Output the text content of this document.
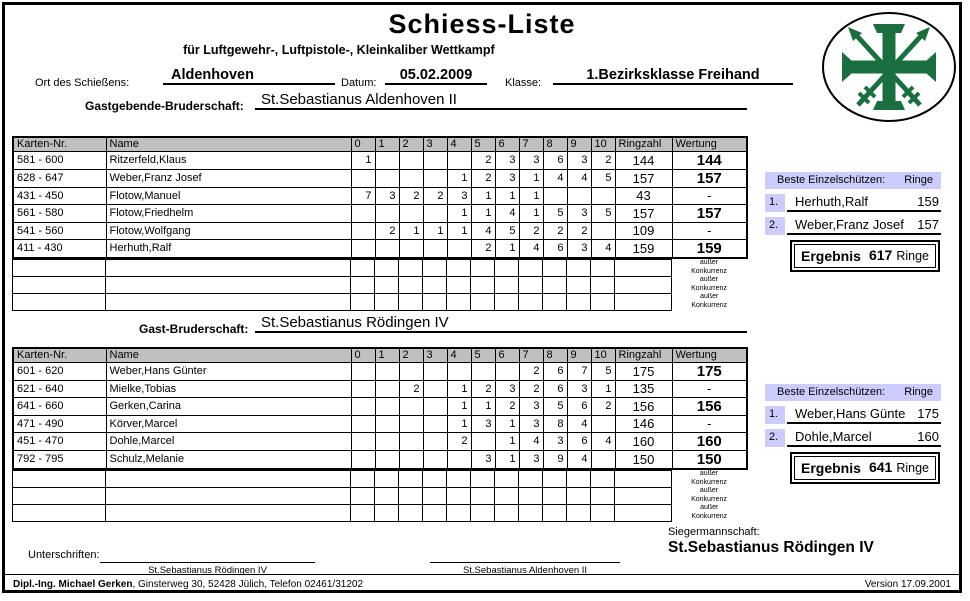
Schiess-Liste
für Luftgewehr-, Luftpistole-, Kleinkaliber Wettkampf
Ort des Schießens:	Aldenhoven	Datum:	05.02.2009	Klasse:	1.Bezirksklasse Freihand
Gastgebende-Bruderschaft:	St.Sebastianus Aldenhoven II
Karten-Nr.	Name	0	1	2	3	4	5	6	7	8	9	10	Ringzahl	Wertung
581 - 600	Ritzerfeld,Klaus	1					2	3	3	6	3	2	144	144
628 - 647	Weber,Franz Josef					1	2	3	1	4	4	5	157	157
431 - 450	Flotow,Manuel	7	3	2	2	3	1	1	1				43	-
561 - 580	Flotow,Friedhelm					1	1	4	1	5	3	5	157	157
541 - 560	Flotow,Wolfgang		2	1	1	1	4	5	2	2	2		109	-
411 - 430	Herhuth,Ralf						2	1	4	6	3	4	159	159

														außer
Konkurrenz

														außer
Konkurrenz

														außer
Konkurrenz
Beste Einzelschützen: Ringe
1.	Herhuth,Ralf	159
2.	Weber,Franz Josef 157
Ergebnis 617 Ringe
Gast-Bruderschaft: St.Sebastianus Rödingen IV
Karten-Nr.	Name	0	1	2	3	4	5	6	7	8	9	10	Ringzahl	Wertung
601 - 620	Weber,Hans Günter								2	6	7	5	175	175
621 - 640	Mielke,Tobias			2		1	2	3	2	6	3	1	135	-
641 - 660	Gerken,Carina					1	1	2	3	5	6	2	156	156
471 - 490	Körver,Marcel					1	3	1	3	8	4		146	-
451 - 470	Dohle,Marcel					2		1	4	3	6	4	160	160
792 - 795	Schulz,Melanie						3	1	3	9	4		150	150

														außer
Konkurrenz

														außer
Konkurrenz

														außer
Konkurrenz
Beste Einzelschützen: Ringe
1.	Weber,Hans Günte 175
2.	Dohle,Marcel	160
Ergebnis 641 Ringe
Siegermannschaft:
St.Sebastianus Rödingen IV
Unterschriften:
St.Sebastianus Rödingen IV	St.Sebastianus Aldenhoven II
Dipl.-Ing. Michael Gerken, Ginsterweg 30, 52428 Jülich, Telefon 02461/31202	Version 17.09.2001
